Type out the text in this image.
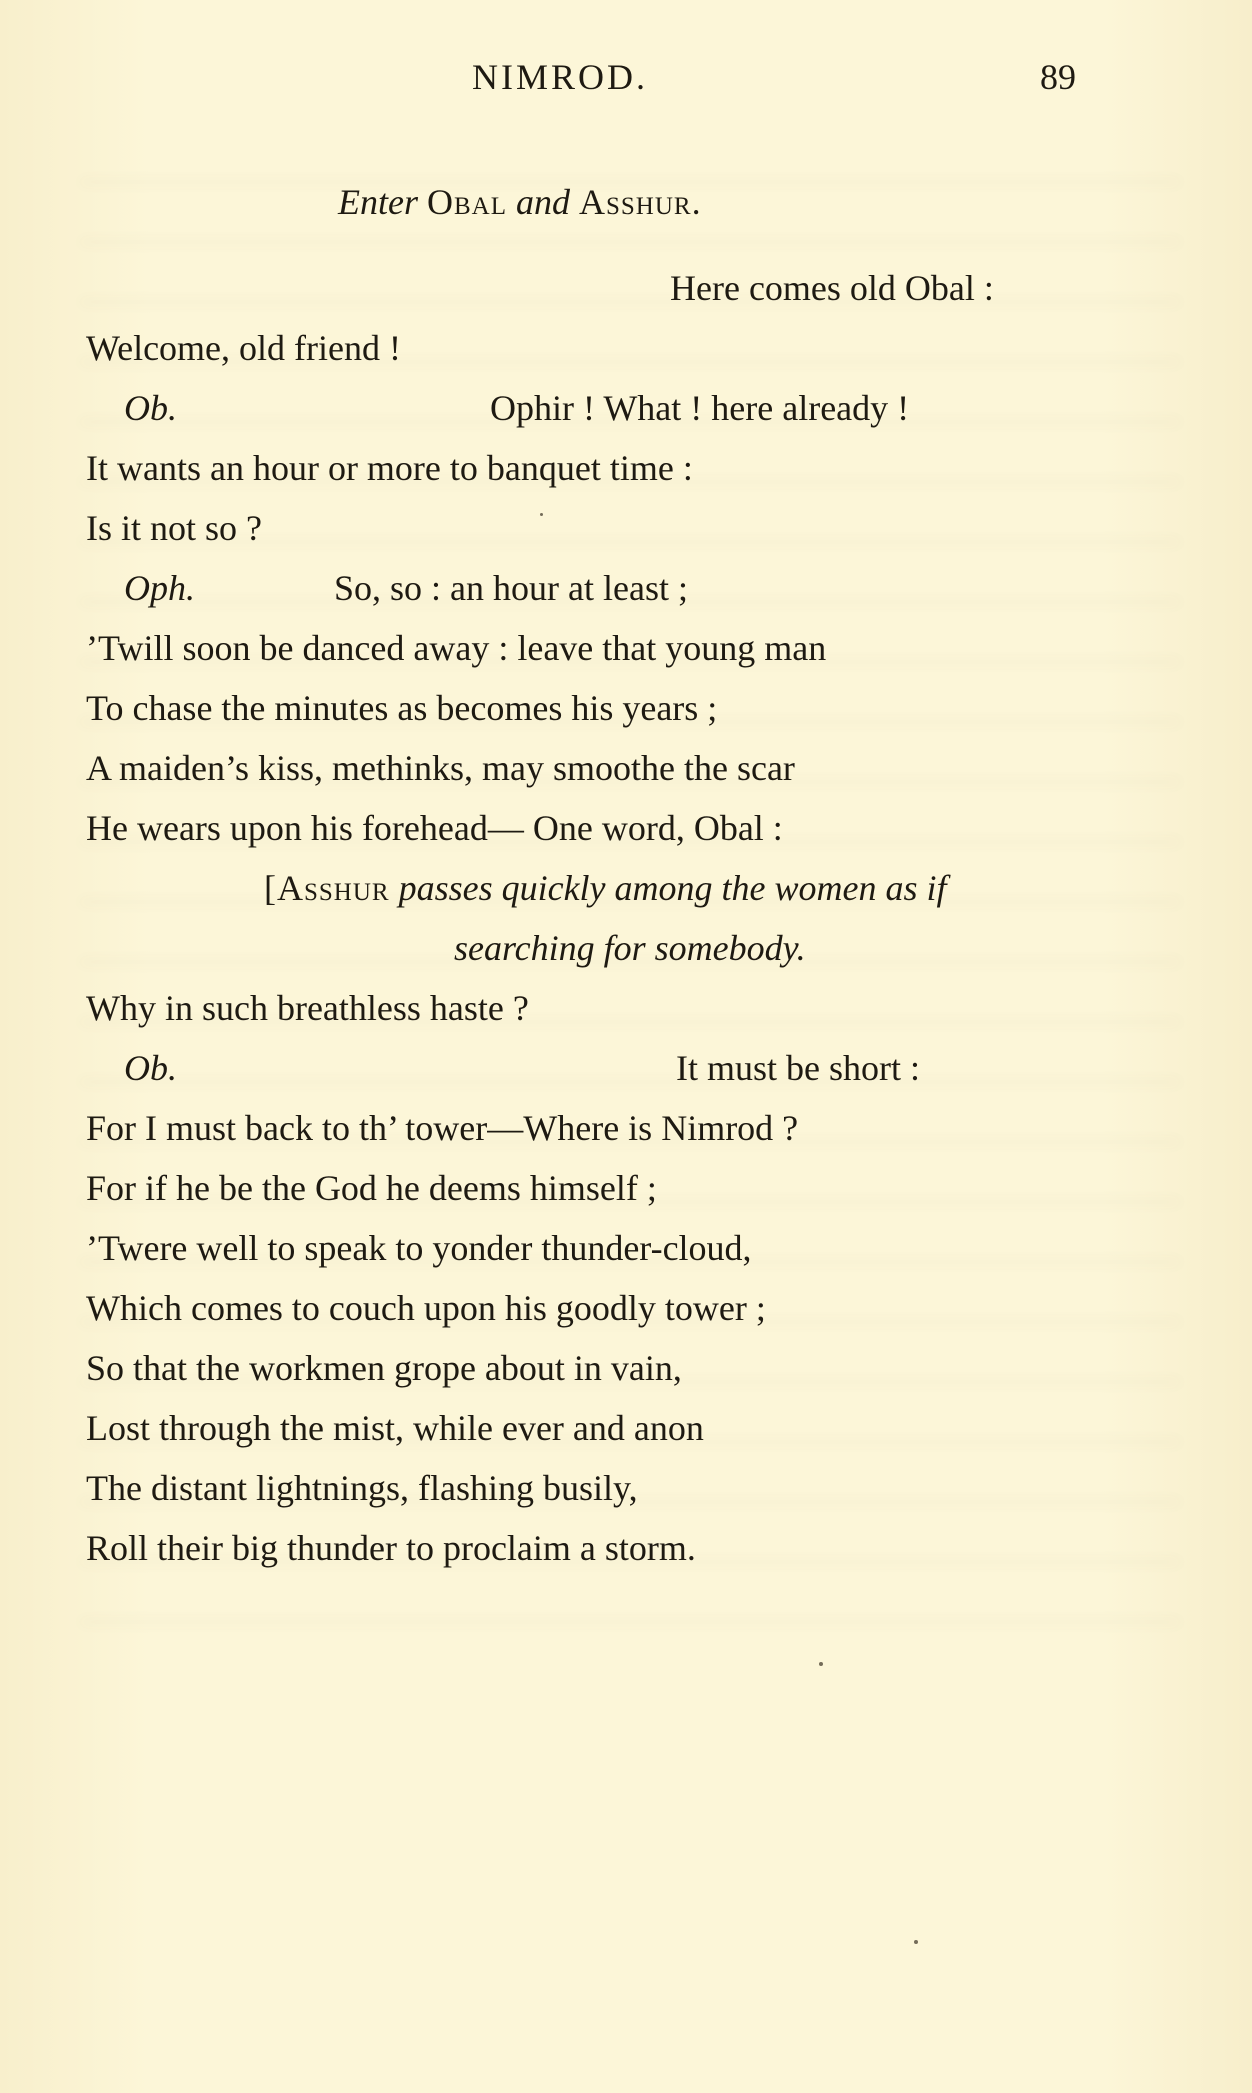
NIMROD.	89
Enter Obal and Asshur.
Here comes old Obal :
Welcome, old friend !
Ob.	Ophir ! What ! here already !
It wants an hour or more to banquet time :
Is it not so ?
Oph.	So, so : an hour at least ;
’Twill soon be danced away : leave that young man
To chase the minutes as becomes his years ;
A maiden’s kiss, methinks, may smoothe the scar
He wears upon his forehead— One word, Obal :
[Asshur passes quickly among the women as if
searching for somebody.
Why in such breathless haste ?
Ob.	It must be short :
For I must back to th’ tower—Where is Nimrod ?
For if he be the God he deems himself ;
’Twere well to speak to yonder thunder-cloud,
Which comes to couch upon his goodly tower ;
So that the workmen grope about in vain,
Lost through the mist, while ever and anon
The distant lightnings, flashing busily,
Roll their big thunder to proclaim a storm.
